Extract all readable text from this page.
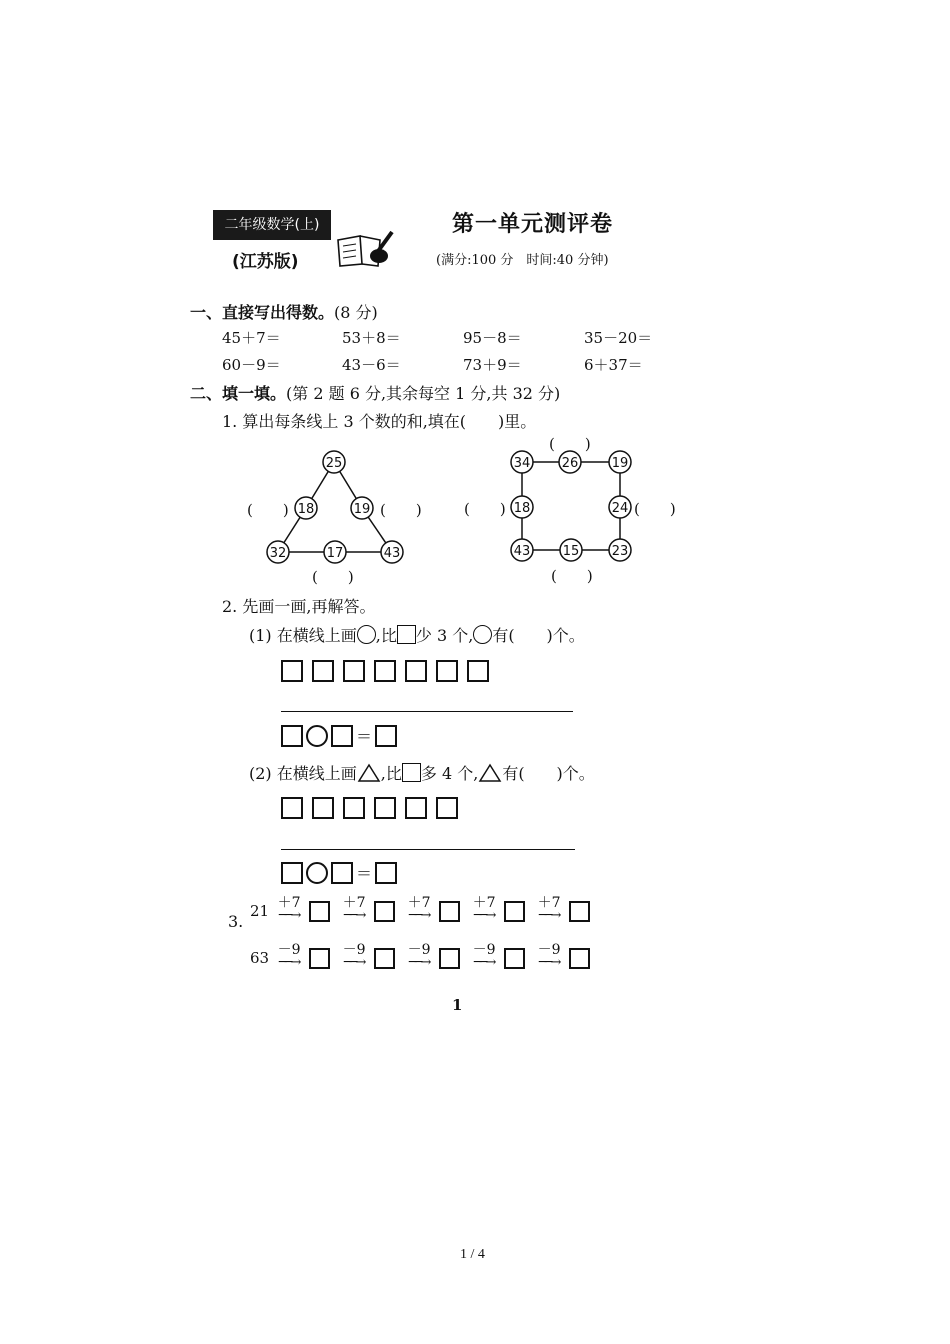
二年级数学(上)
(江苏版)
第一单元测评卷
(满分:100 分　时间:40 分钟)
一、直接写出得数。(8 分)
45＋7＝	53＋8＝	95－8＝	35－20＝
60－9＝	43－6＝	73＋9＝	6＋37＝
二、填一填。(第 2 题 6 分,其余每空 1 分,共 32 分)
1. 算出每条线上 3 个数的和,填在(　　)里。
25
18	19
32	17	43
34 26	19
18	24
43 15 23
(　　)	(　　)
(　　)
(　　)
(　　)	(　　)
(　　)
2. 先画一画,再解答。
(1) 在横线上画 ,比 少 3 个, 有(　　)个。
＝
(2) 在横线上画 ,比 多 4 个, 有(　　)个。
＝
3.
21 ＋7
──→
＋7
──→
＋7
──→
＋7
──→
＋7
──→
63 －9
──→
－9
──→
－9
──→
－9
──→
－9
──→
1
1 / 4
